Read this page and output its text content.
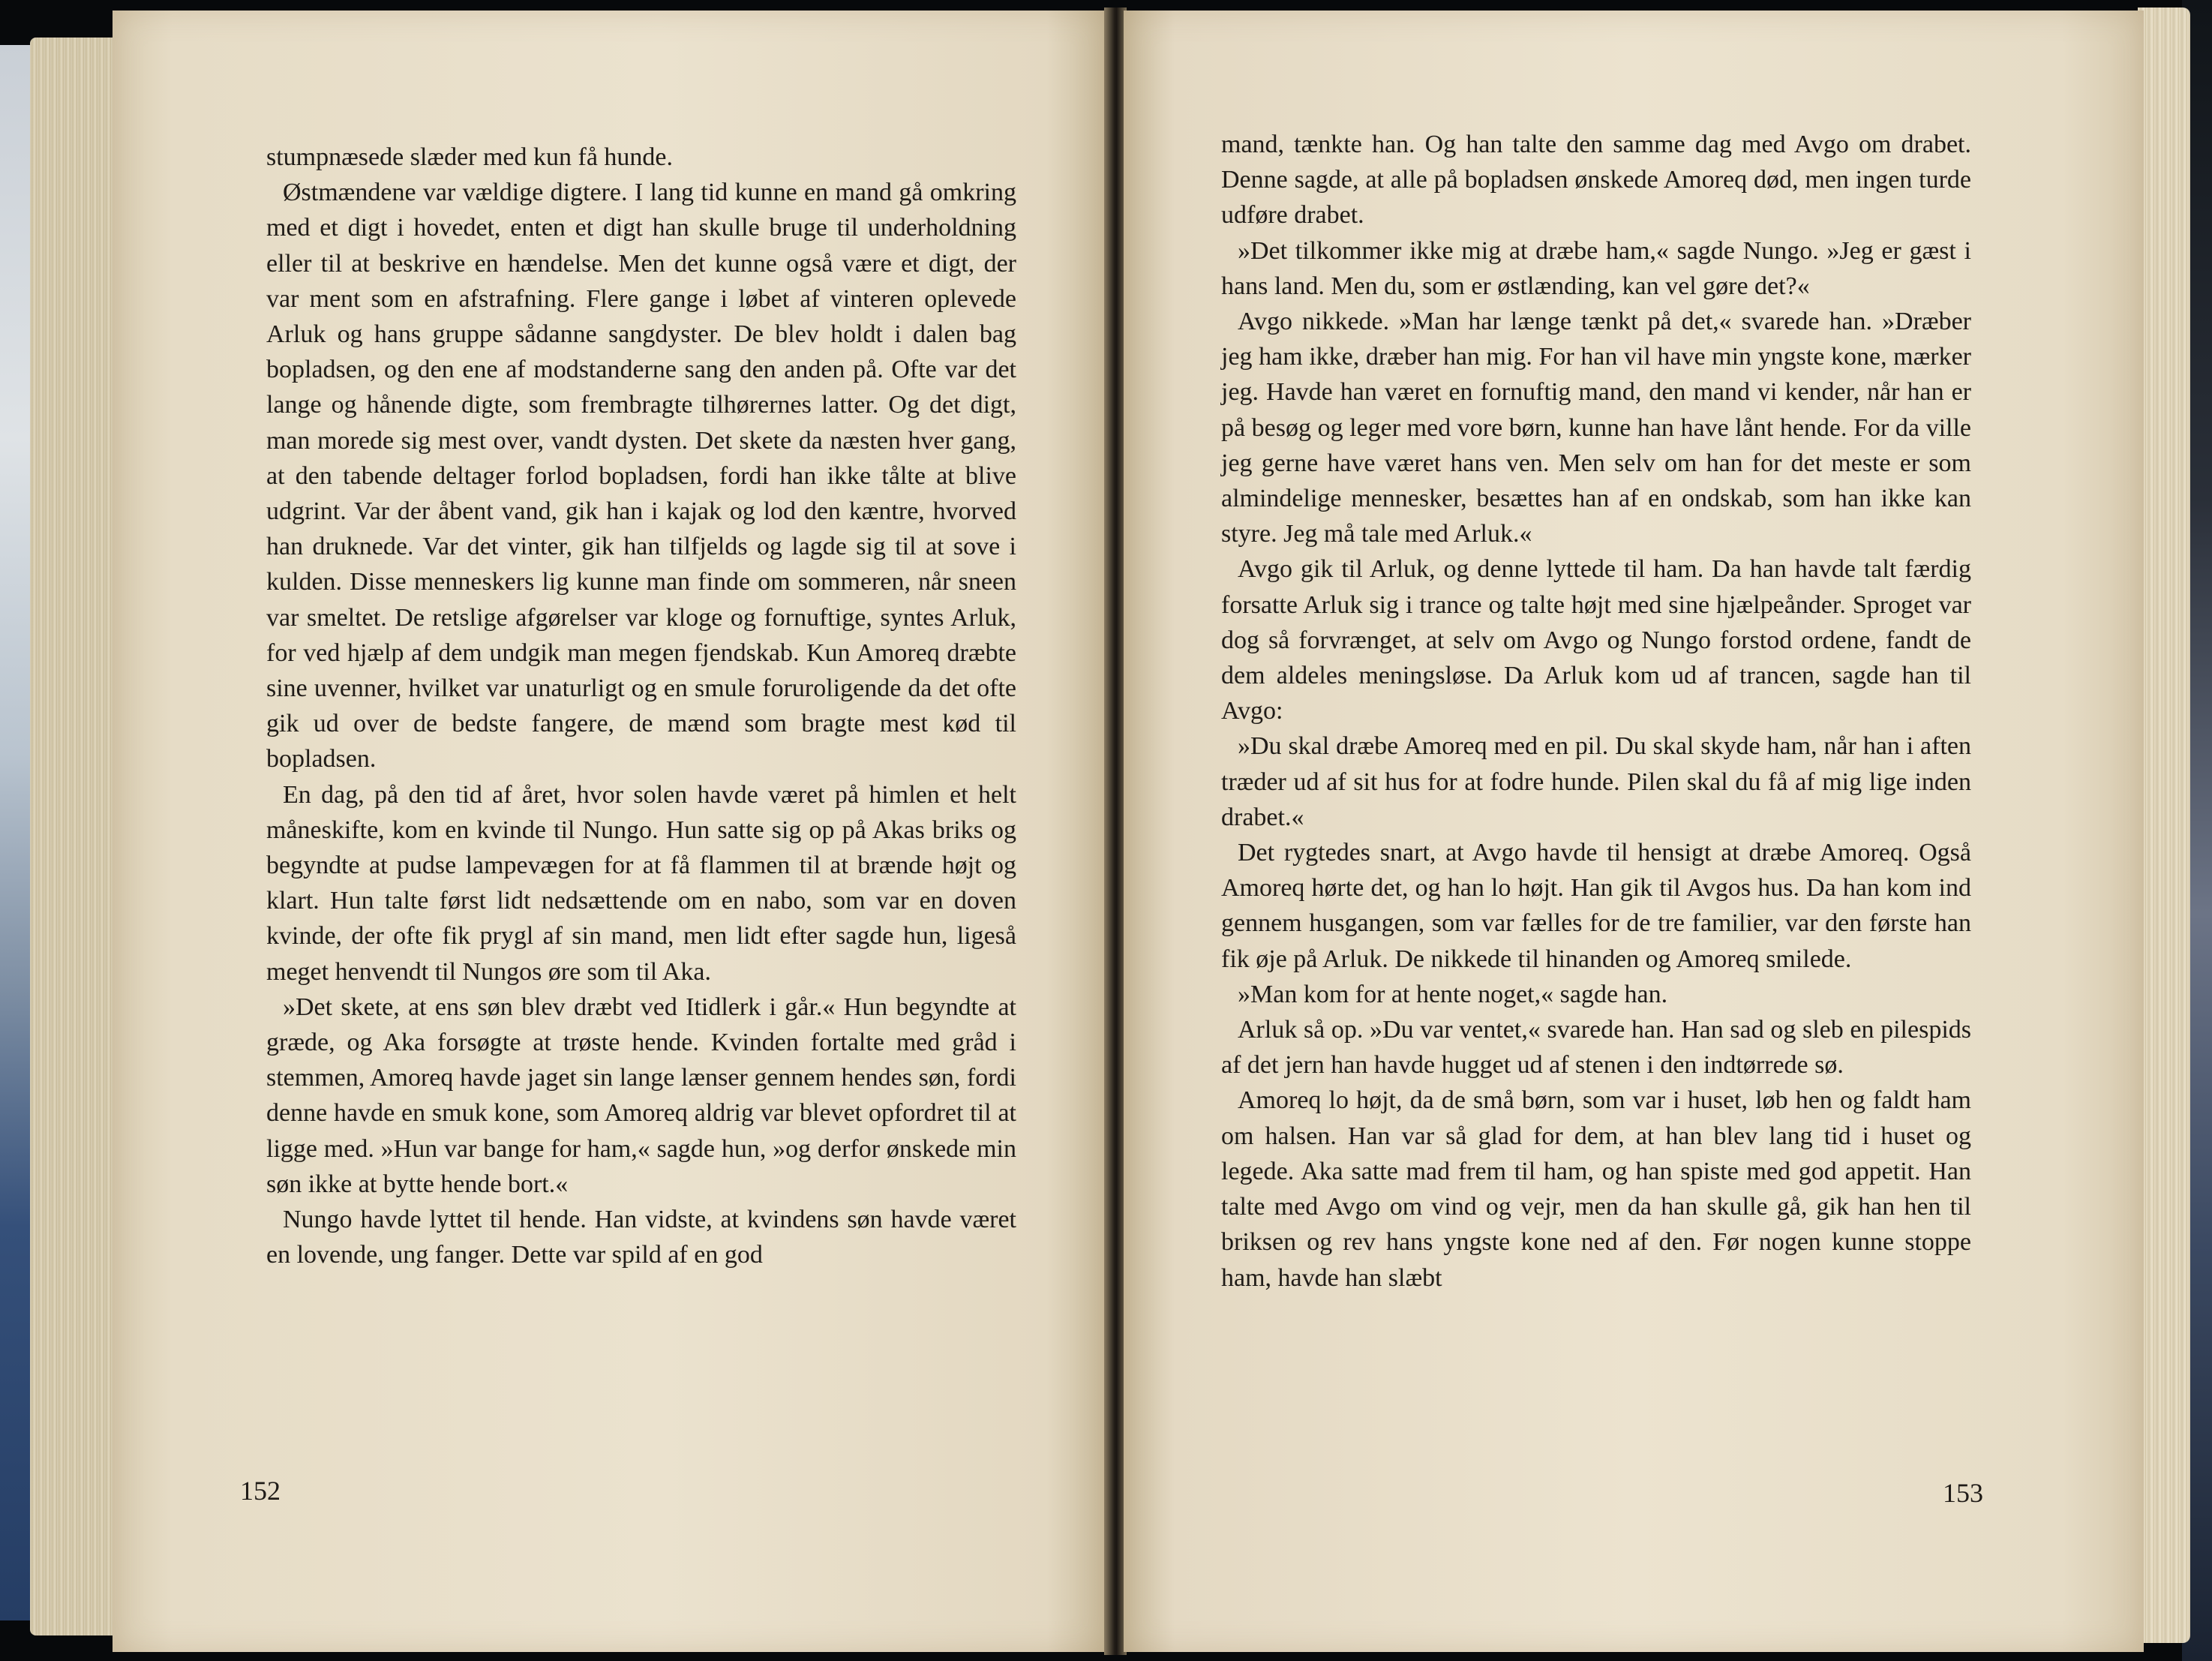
stumpnæsede slæder med kun få hunde.

Østmændene var vældige digtere. I lang tid kunne en mand gå omkring med et digt i hovedet, enten et digt han skulle bruge til underholdning eller til at beskrive en hændelse. Men det kunne også være et digt, der var ment som en afstrafning. Flere gange i løbet af vinteren oplevede Arluk og hans gruppe sådanne sangdyster. De blev holdt i dalen bag bopladsen, og den ene af modstanderne sang den anden på. Ofte var det lange og hånende digte, som frembragte tilhørernes latter. Og det digt, man morede sig mest over, vandt dysten. Det skete da næsten hver gang, at den tabende deltager forlod bopladsen, fordi han ikke tålte at blive udgrint. Var der åbent vand, gik han i kajak og lod den kæntre, hvorved han druknede. Var det vinter, gik han tilfjelds og lagde sig til at sove i kulden. Disse menneskers lig kunne man finde om sommeren, når sneen var smeltet. De retslige afgørelser var kloge og fornuftige, syntes Arluk, for ved hjælp af dem undgik man megen fjendskab. Kun Amoreq dræbte sine uvenner, hvilket var unaturligt og en smule foruroligende da det ofte gik ud over de bedste fangere, de mænd som bragte mest kød til bopladsen.

En dag, på den tid af året, hvor solen havde været på himlen et helt måneskifte, kom en kvinde til Nungo. Hun satte sig op på Akas briks og begyndte at pudse lampevægen for at få flammen til at brænde højt og klart. Hun talte først lidt nedsættende om en nabo, som var en doven kvinde, der ofte fik prygl af sin mand, men lidt efter sagde hun, ligeså meget henvendt til Nungos øre som til Aka.

»Det skete, at ens søn blev dræbt ved Itidlerk i går.« Hun begyndte at græde, og Aka forsøgte at trøste hende. Kvinden fortalte med gråd i stemmen, Amoreq havde jaget sin lange lænser gennem hendes søn, fordi denne havde en smuk kone, som Amoreq aldrig var blevet opfordret til at ligge med. »Hun var bange for ham,« sagde hun, »og derfor ønskede min søn ikke at bytte hende bort.«

Nungo havde lyttet til hende. Han vidste, at kvindens søn havde været en lovende, ung fanger. Dette var spild af en god

152

mand, tænkte han. Og han talte den samme dag med Avgo om drabet. Denne sagde, at alle på bopladsen ønskede Amoreq død, men ingen turde udføre drabet.

»Det tilkommer ikke mig at dræbe ham,« sagde Nungo. »Jeg er gæst i hans land. Men du, som er østlænding, kan vel gøre det?«

Avgo nikkede. »Man har længe tænkt på det,« svarede han. »Dræber jeg ham ikke, dræber han mig. For han vil have min yngste kone, mærker jeg. Havde han været en fornuftig mand, den mand vi kender, når han er på besøg og leger med vore børn, kunne han have lånt hende. For da ville jeg gerne have været hans ven. Men selv om han for det meste er som almindelige mennesker, besættes han af en ondskab, som han ikke kan styre. Jeg må tale med Arluk.«

Avgo gik til Arluk, og denne lyttede til ham. Da han havde talt færdig forsatte Arluk sig i trance og talte højt med sine hjælpeånder. Sproget var dog så forvrænget, at selv om Avgo og Nungo forstod ordene, fandt de dem aldeles meningsløse. Da Arluk kom ud af trancen, sagde han til Avgo:

»Du skal dræbe Amoreq med en pil. Du skal skyde ham, når han i aften træder ud af sit hus for at fodre hunde. Pilen skal du få af mig lige inden drabet.«

Det rygtedes snart, at Avgo havde til hensigt at dræbe Amoreq. Også Amoreq hørte det, og han lo højt. Han gik til Avgos hus. Da han kom ind gennem husgangen, som var fælles for de tre familier, var den første han fik øje på Arluk. De nikkede til hinanden og Amoreq smilede.

»Man kom for at hente noget,« sagde han.

Arluk så op. »Du var ventet,« svarede han. Han sad og sleb en pilespids af det jern han havde hugget ud af stenen i den indtørrede sø.

Amoreq lo højt, da de små børn, som var i huset, løb hen og faldt ham om halsen. Han var så glad for dem, at han blev lang tid i huset og legede. Aka satte mad frem til ham, og han spiste med god appetit. Han talte med Avgo om vind og vejr, men da han skulle gå, gik han hen til briksen og rev hans yngste kone ned af den. Før nogen kunne stoppe ham, havde han slæbt

153
